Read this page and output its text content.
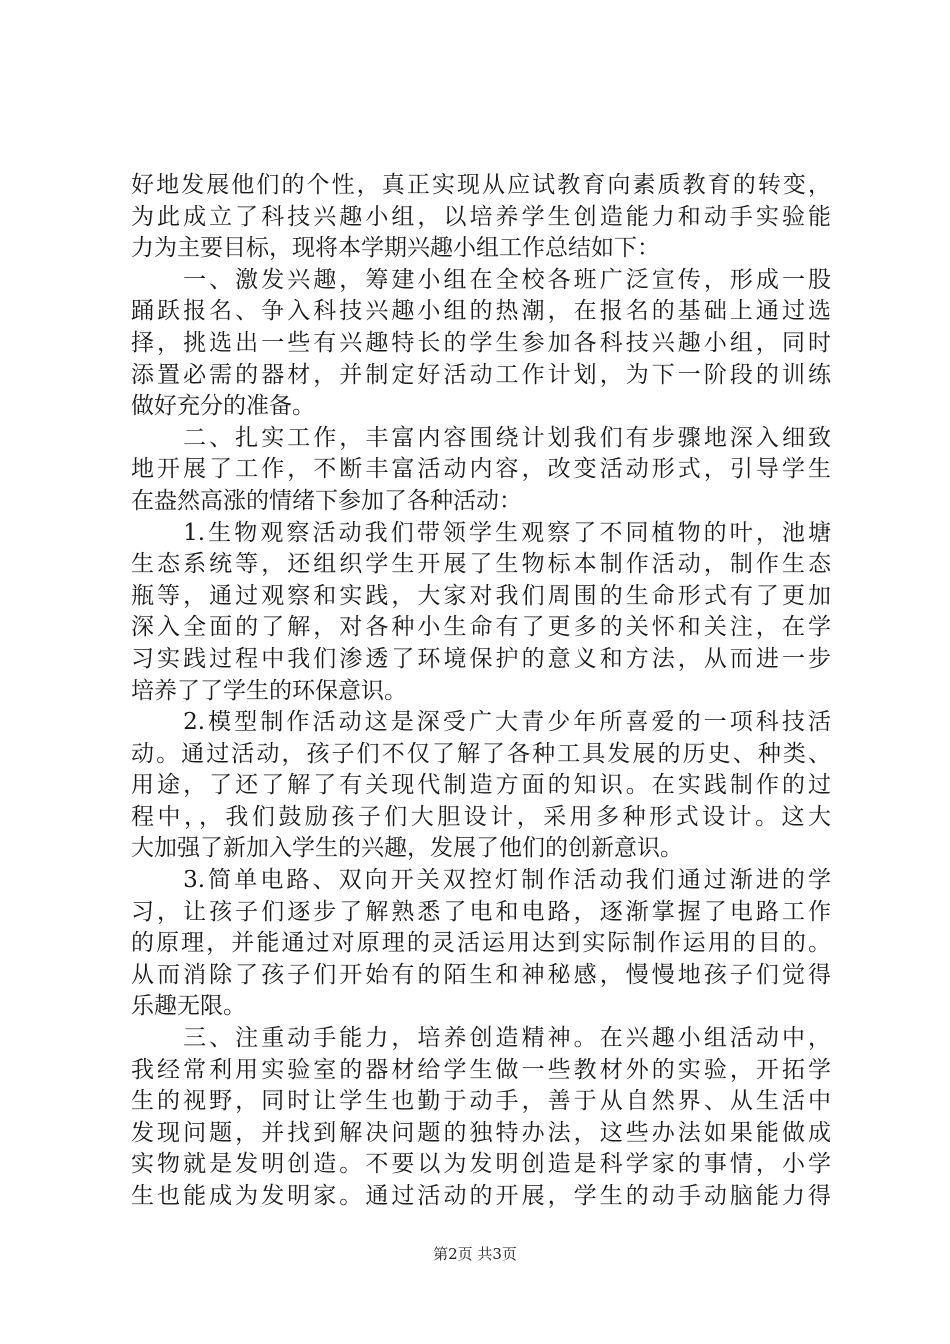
好地发展他们的个性，真正实现从应试教育向素质教育的转变，
为此成立了科技兴趣小组，以培养学生创造能力和动手实验能
力为主要目标，现将本学期兴趣小组工作总结如下：
　　一、激发兴趣，筹建小组在全校各班广泛宣传，形成一股
踊跃报名、争入科技兴趣小组的热潮，在报名的基础上通过选
择，挑选出一些有兴趣特长的学生参加各科技兴趣小组，同时
添置必需的器材，并制定好活动工作计划，为下一阶段的训练
做好充分的准备。
　　二、扎实工作，丰富内容围绕计划我们有步骤地深入细致
地开展了工作，不断丰富活动内容，改变活动形式，引导学生
在盎然高涨的情绪下参加了各种活动：
　　1.生物观察活动我们带领学生观察了不同植物的叶，池塘
生态系统等，还组织学生开展了生物标本制作活动，制作生态
瓶等，通过观察和实践，大家对我们周围的生命形式有了更加
深入全面的了解，对各种小生命有了更多的关怀和关注，在学
习实践过程中我们渗透了环境保护的意义和方法，从而进一步
培养了了学生的环保意识。
　　2.模型制作活动这是深受广大青少年所喜爱的一项科技活
动。通过活动，孩子们不仅了解了各种工具发展的历史、种类、
用途，了还了解了有关现代制造方面的知识。在实践制作的过
程中，，我们鼓励孩子们大胆设计，采用多种形式设计。这大
大加强了新加入学生的兴趣，发展了他们的创新意识。
　　3.简单电路、双向开关双控灯制作活动我们通过渐进的学
习，让孩子们逐步了解熟悉了电和电路，逐渐掌握了电路工作
的原理，并能通过对原理的灵活运用达到实际制作运用的目的。
从而消除了孩子们开始有的陌生和神秘感，慢慢地孩子们觉得
乐趣无限。
　　三、注重动手能力，培养创造精神。在兴趣小组活动中，
我经常利用实验室的器材给学生做一些教材外的实验，开拓学
生的视野，同时让学生也勤于动手，善于从自然界、从生活中
发现问题，并找到解决问题的独特办法，这些办法如果能做成
实物就是发明创造。不要以为发明创造是科学家的事情，小学
生也能成为发明家。通过活动的开展，学生的动手动脑能力得
第2页 共3页
